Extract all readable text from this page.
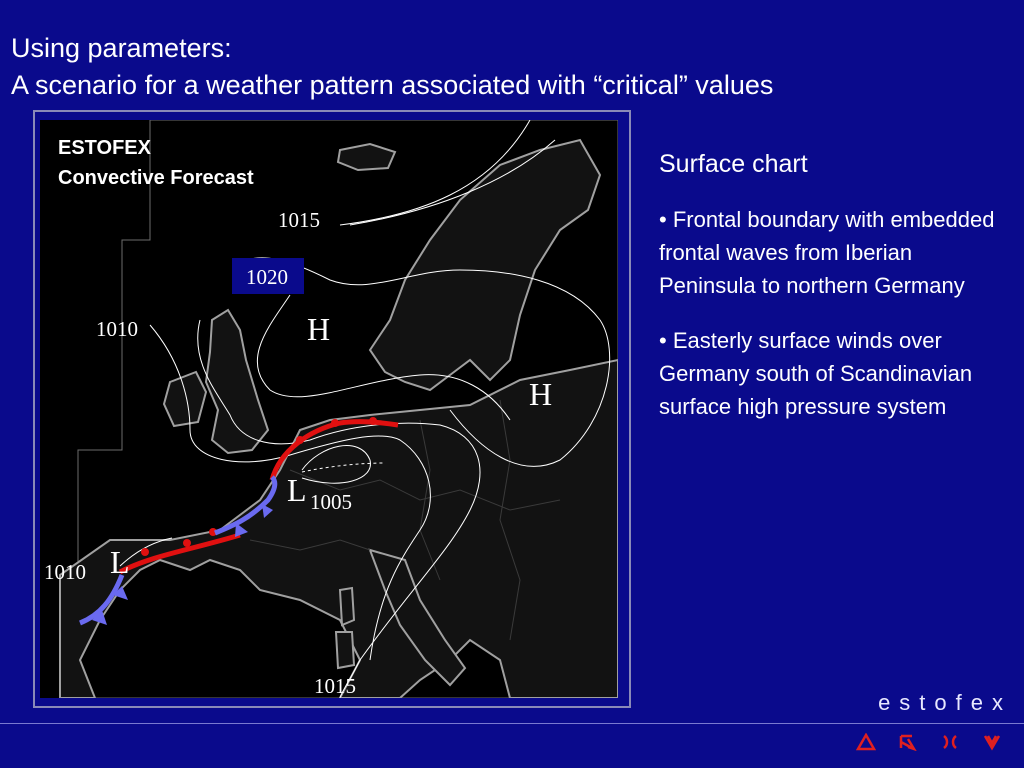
Using parameters:
A scenario for a weather pattern associated with “critical” values
ESTOFEX
Convective Forecast
1015
1020
1010
1005
1010
1015
H
H
L
L
Surface chart
• Frontal boundary with embedded frontal waves from Iberian Peninsula to northern Germany
• Easterly surface winds over Germany south of Scandinavian surface high pressure system
estofex
